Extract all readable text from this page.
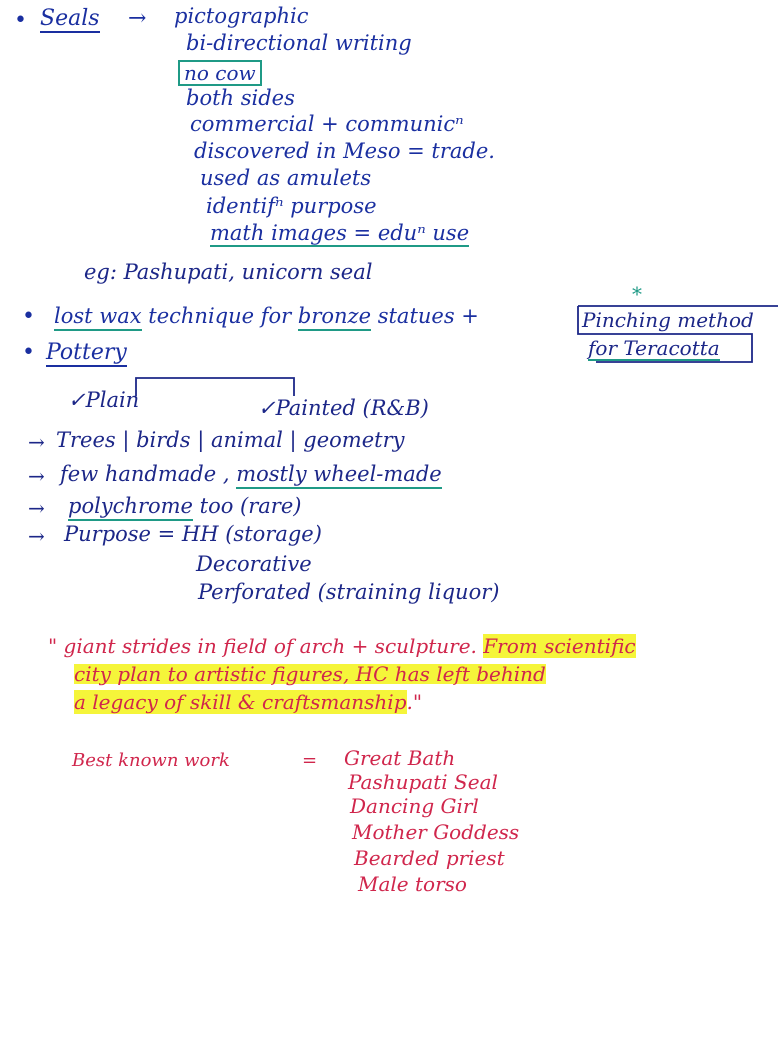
• Seals → pictographic
bi-directional writing
no cow
both sides
commercial + communicⁿ
discovered in Meso = trade.
used as amulets
identifⁿ purpose
math images = eduⁿ use
eg: Pashupati, unicorn seal
• lost wax technique for bronze statues +
*
Pinching method
for Teracotta
• Pottery
✓Plain	✓Painted (R&B)
→ Trees | birds | animal | geometry
→ few handmade , mostly wheel-made
→ polychrome too (rare)
→ Purpose = HH (storage)
Decorative
Perforated (straining liquor)
" giant strides in field of arch + sculpture. From scientific
city plan to artistic figures, HC has left behind
a legacy of skill & craftsmanship."
Best known work	= Great Bath
Pashupati Seal
Dancing Girl
Mother Goddess
Bearded priest
Male torso
